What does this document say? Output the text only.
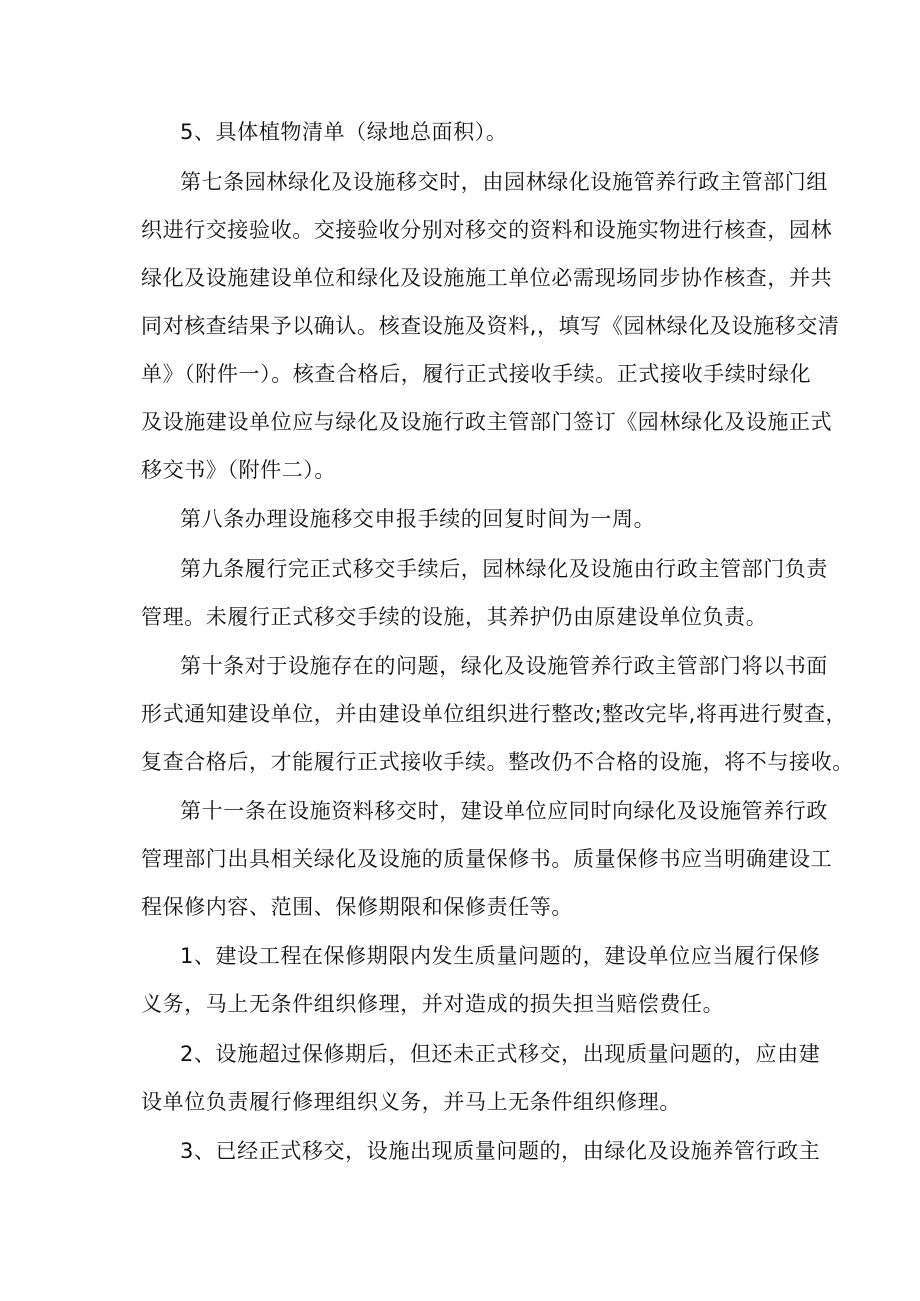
5、具体植物清单（绿地总面积）。
第七条园林绿化及设施移交时，由园林绿化设施管养行政主管部门组
织进行交接验收。交接验收分别对移交的资料和设施实物进行核查，园林
绿化及设施建设单位和绿化及设施施工单位必需现场同步协作核查，并共
同对核查结果予以确认。核查设施及资料,，填写《园林绿化及设施移交清
单》（附件一）。核查合格后，履行正式接收手续。正式接收手续时绿化
及设施建设单位应与绿化及设施行政主管部门签订《园林绿化及设施正式
移交书》（附件二）。
第八条办理设施移交申报手续的回复时间为一周。
第九条履行完正式移交手续后，园林绿化及设施由行政主管部门负责
管理。未履行正式移交手续的设施，其养护仍由原建设单位负责。
第十条对于设施存在的问题，绿化及设施管养行政主管部门将以书面
形式通知建设单位，并由建设单位组织进行整改;整改完毕,将再进行熨查，
复查合格后，才能履行正式接收手续。整改仍不合格的设施，将不与接收。
第十一条在设施资料移交时，建设单位应同时向绿化及设施管养行政
管理部门出具相关绿化及设施的质量保修书。质量保修书应当明确建设工
程保修内容、范围、保修期限和保修责任等。
1、建设工程在保修期限内发生质量问题的，建设单位应当履行保修
义务，马上无条件组织修理，并对造成的损失担当赔偿费任。
2、设施超过保修期后，但还未正式移交，出现质量问题的，应由建
设单位负责履行修理组织义务，并马上无条件组织修理。
3、已经正式移交，设施出现质量问题的，由绿化及设施养管行政主
